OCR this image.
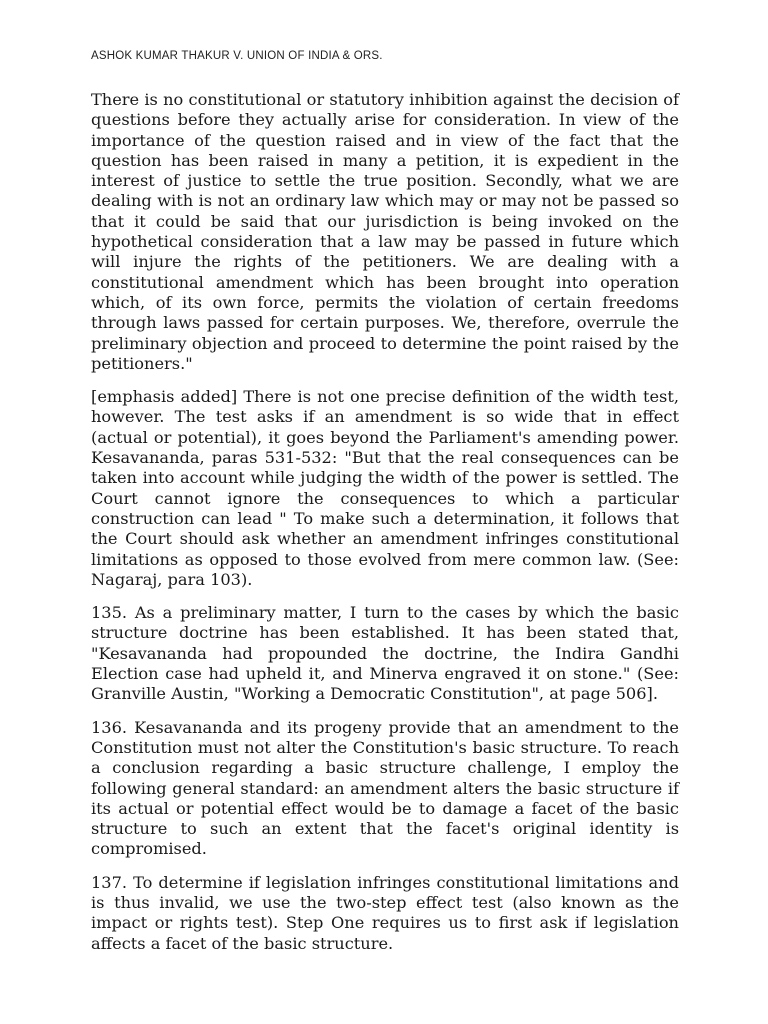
ASHOK KUMAR THAKUR V. UNION OF INDIA & ORS.

There is no constitutional or statutory inhibition against the decision of questions before they actually arise for consideration. In view of the importance of the question raised and in view of the fact that the question has been raised in many a petition, it is expedient in the interest of justice to settle the true position. Secondly, what we are dealing with is not an ordinary law which may or may not be passed so that it could be said that our jurisdiction is being invoked on the hypothetical consideration that a law may be passed in future which will injure the rights of the petitioners. We are dealing with a constitutional amendment which has been brought into operation which, of its own force, permits the violation of certain freedoms through laws passed for certain purposes. We, therefore, overrule the preliminary objection and proceed to determine the point raised by the petitioners."

[emphasis added] There is not one precise definition of the width test, however. The test asks if an amendment is so wide that in effect (actual or potential), it goes beyond the Parliament's amending power. Kesavananda, paras 531-532: "But that the real consequences can be taken into account while judging the width of the power is settled. The Court cannot ignore the consequences to which a particular construction can lead " To make such a determination, it follows that the Court should ask whether an amendment infringes constitutional limitations as opposed to those evolved from mere common law. (See: Nagaraj, para 103).

135. As a preliminary matter, I turn to the cases by which the basic structure doctrine has been established. It has been stated that, "Kesavananda had propounded the doctrine, the Indira Gandhi Election case had upheld it, and Minerva engraved it on stone." (See: Granville Austin, "Working a Democratic Constitution", at page 506].

136. Kesavananda and its progeny provide that an amendment to the Constitution must not alter the Constitution's basic structure. To reach a conclusion regarding a basic structure challenge, I employ the following general standard: an amendment alters the basic structure if its actual or potential effect would be to damage a facet of the basic structure to such an extent that the facet's original identity is compromised.

137. To determine if legislation infringes constitutional limitations and is thus invalid, we use the two-step effect test (also known as the impact or rights test). Step One requires us to first ask if legislation affects a facet of the basic structure.
